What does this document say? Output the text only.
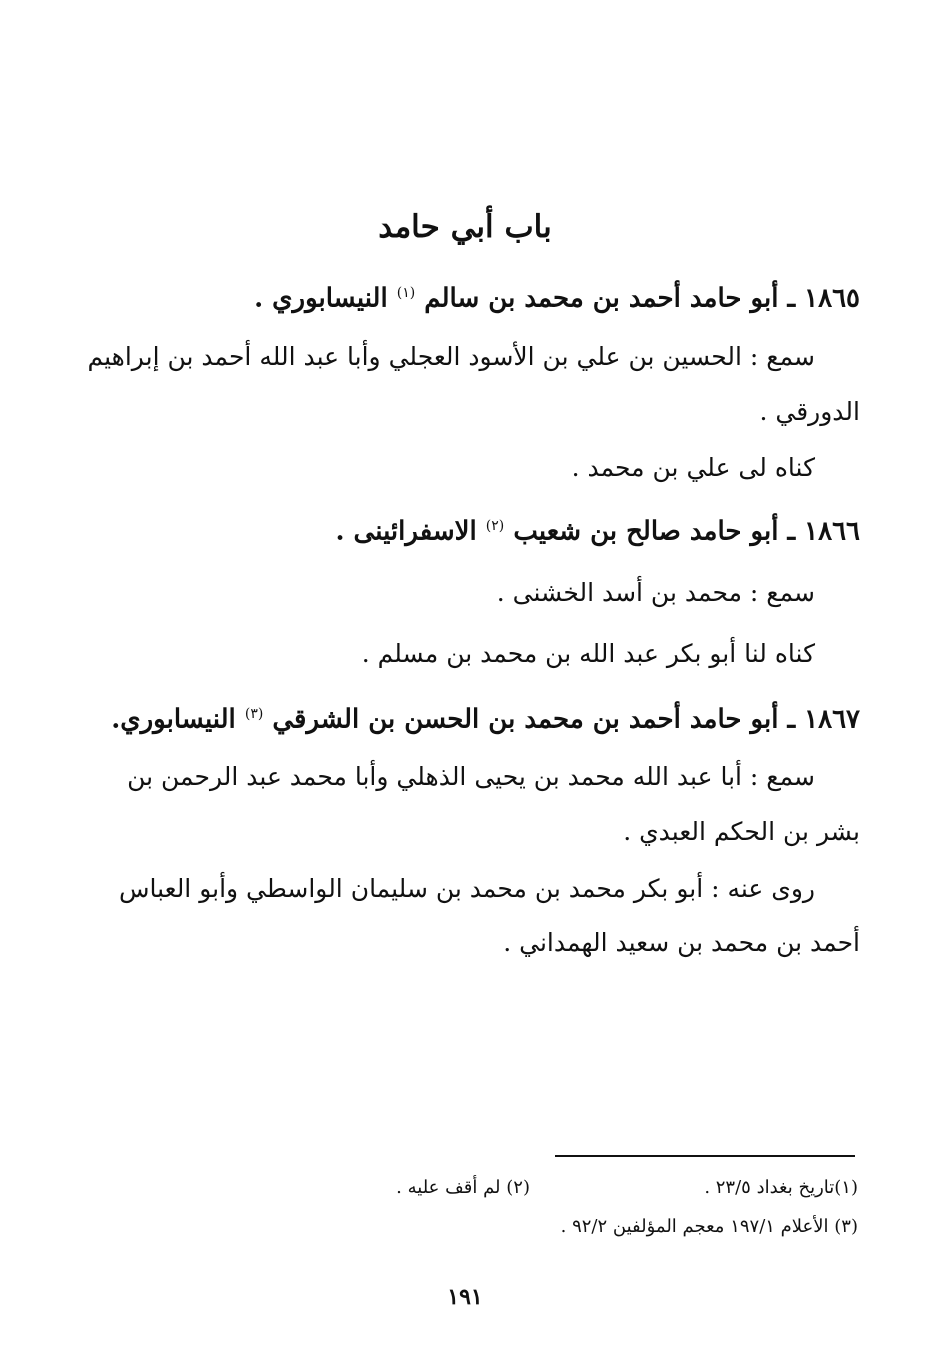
باب أبي حامد
١٨٦٥ ـ أبو حامد أحمد بن محمد بن سالم $^{(١)}$ النيسابوري .
سمع : الحسين بن علي بن الأسود العجلي وأبا عبد الله أحمد بن إبراهيم
الدورقي .
كناه لى علي بن محمد .
١٨٦٦ ـ أبو حامد صالح بن شعيب $^{(٢)}$ الاسفرائينى .
سمع : محمد بن أسد الخشنى .
كناه لنا أبو بكر عبد الله بن محمد بن مسلم .
١٨٦٧ ـ أبو حامد أحمد بن محمد بن الحسن بن الشرقي $^{(٣)}$ النيسابوري.
سمع : أبا عبد الله محمد بن يحيى الذهلي وأبا محمد عبد الرحمن بن
بشر بن الحكم العبدي .
روى عنه : أبو بكر محمد بن محمد بن سليمان الواسطي وأبو العباس
أحمد بن محمد بن سعيد الهمداني .
(١)تاريخ بغداد ٢٣/٥ .
(٢) لم أقف عليه .
(٣) الأعلام ١٩٧/١ معجم المؤلفين ٩٢/٢ .
١٩١
